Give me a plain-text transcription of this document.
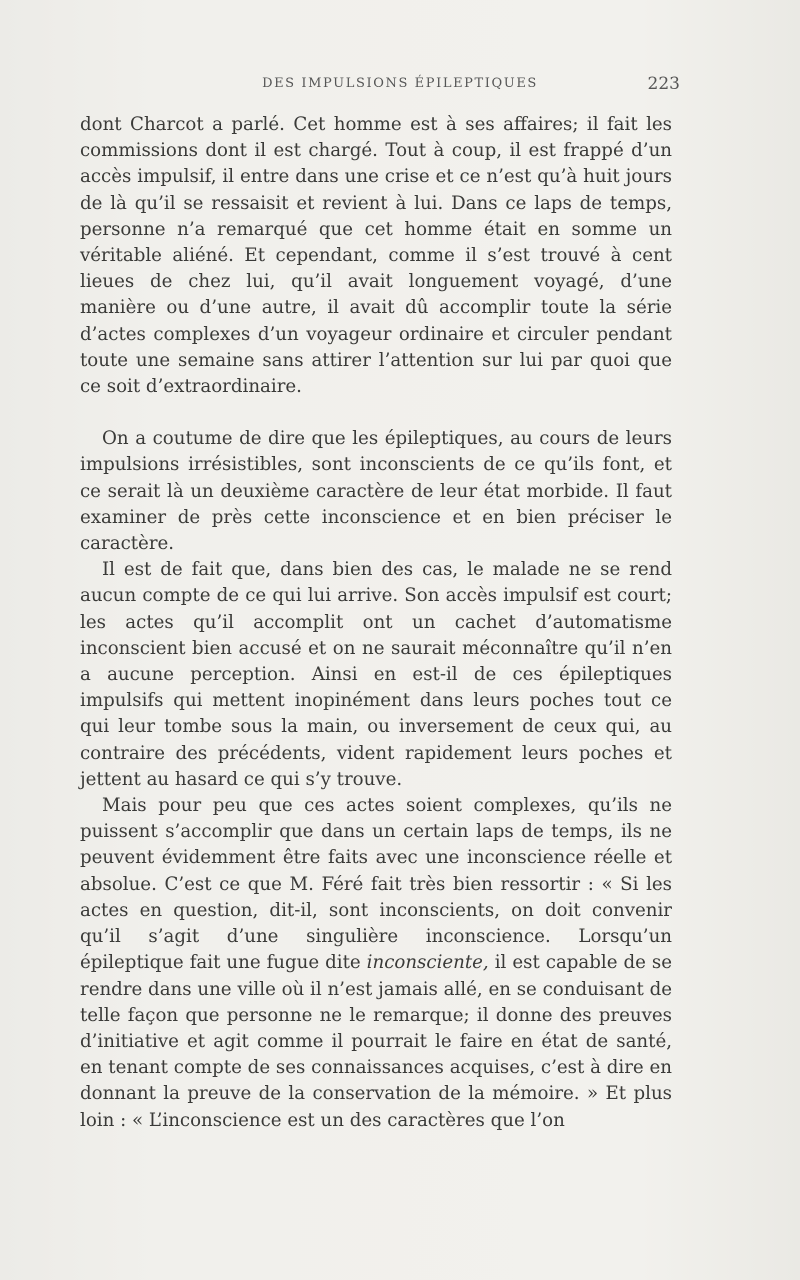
DES IMPULSIONS ÉPILEPTIQUES	223

dont Charcot a parlé. Cet homme est à ses affaires; il fait les commissions dont il est chargé. Tout à coup, il est frappé d’un accès impulsif, il entre dans une crise et ce n’est qu’à huit jours de là qu’il se ressaisit et revient à lui. Dans ce laps de temps, personne n’a remarqué que cet homme était en somme un véritable aliéné. Et cependant, comme il s’est trouvé à cent lieues de chez lui, qu’il avait longuement voyagé, d’une manière ou d’une autre, il avait dû accomplir toute la série d’actes complexes d’un voyageur ordinaire et circuler pendant toute une semaine sans attirer l’attention sur lui par quoi que ce soit d’extraordinaire.

On a coutume de dire que les épileptiques, au cours de leurs impulsions irrésistibles, sont inconscients de ce qu’ils font, et ce serait là un deuxième caractère de leur état morbide. Il faut examiner de près cette inconscience et en bien préciser le caractère.

Il est de fait que, dans bien des cas, le malade ne se rend aucun compte de ce qui lui arrive. Son accès impulsif est court; les actes qu’il accomplit ont un cachet d’automatisme inconscient bien accusé et on ne saurait méconnaître qu’il n’en a aucune perception. Ainsi en est-il de ces épileptiques impulsifs qui mettent inopinément dans leurs poches tout ce qui leur tombe sous la main, ou inversement de ceux qui, au contraire des précédents, vident rapidement leurs poches et jettent au hasard ce qui s’y trouve.

Mais pour peu que ces actes soient complexes, qu’ils ne puissent s’accomplir que dans un certain laps de temps, ils ne peuvent évidemment être faits avec une inconscience réelle et absolue. C’est ce que M. Féré fait très bien ressortir : « Si les actes en question, dit-il, sont inconscients, on doit convenir qu’il s’agit d’une singulière inconscience. Lorsqu’un épileptique fait une fugue dite inconsciente, il est capable de se rendre dans une ville où il n’est jamais allé, en se conduisant de telle façon que personne ne le remarque; il donne des preuves d’initiative et agit comme il pourrait le faire en état de santé, en tenant compte de ses connaissances acquises, c’est à dire en donnant la preuve de la conservation de la mémoire. » Et plus loin : « L’inconscience est un des caractères que l’on
